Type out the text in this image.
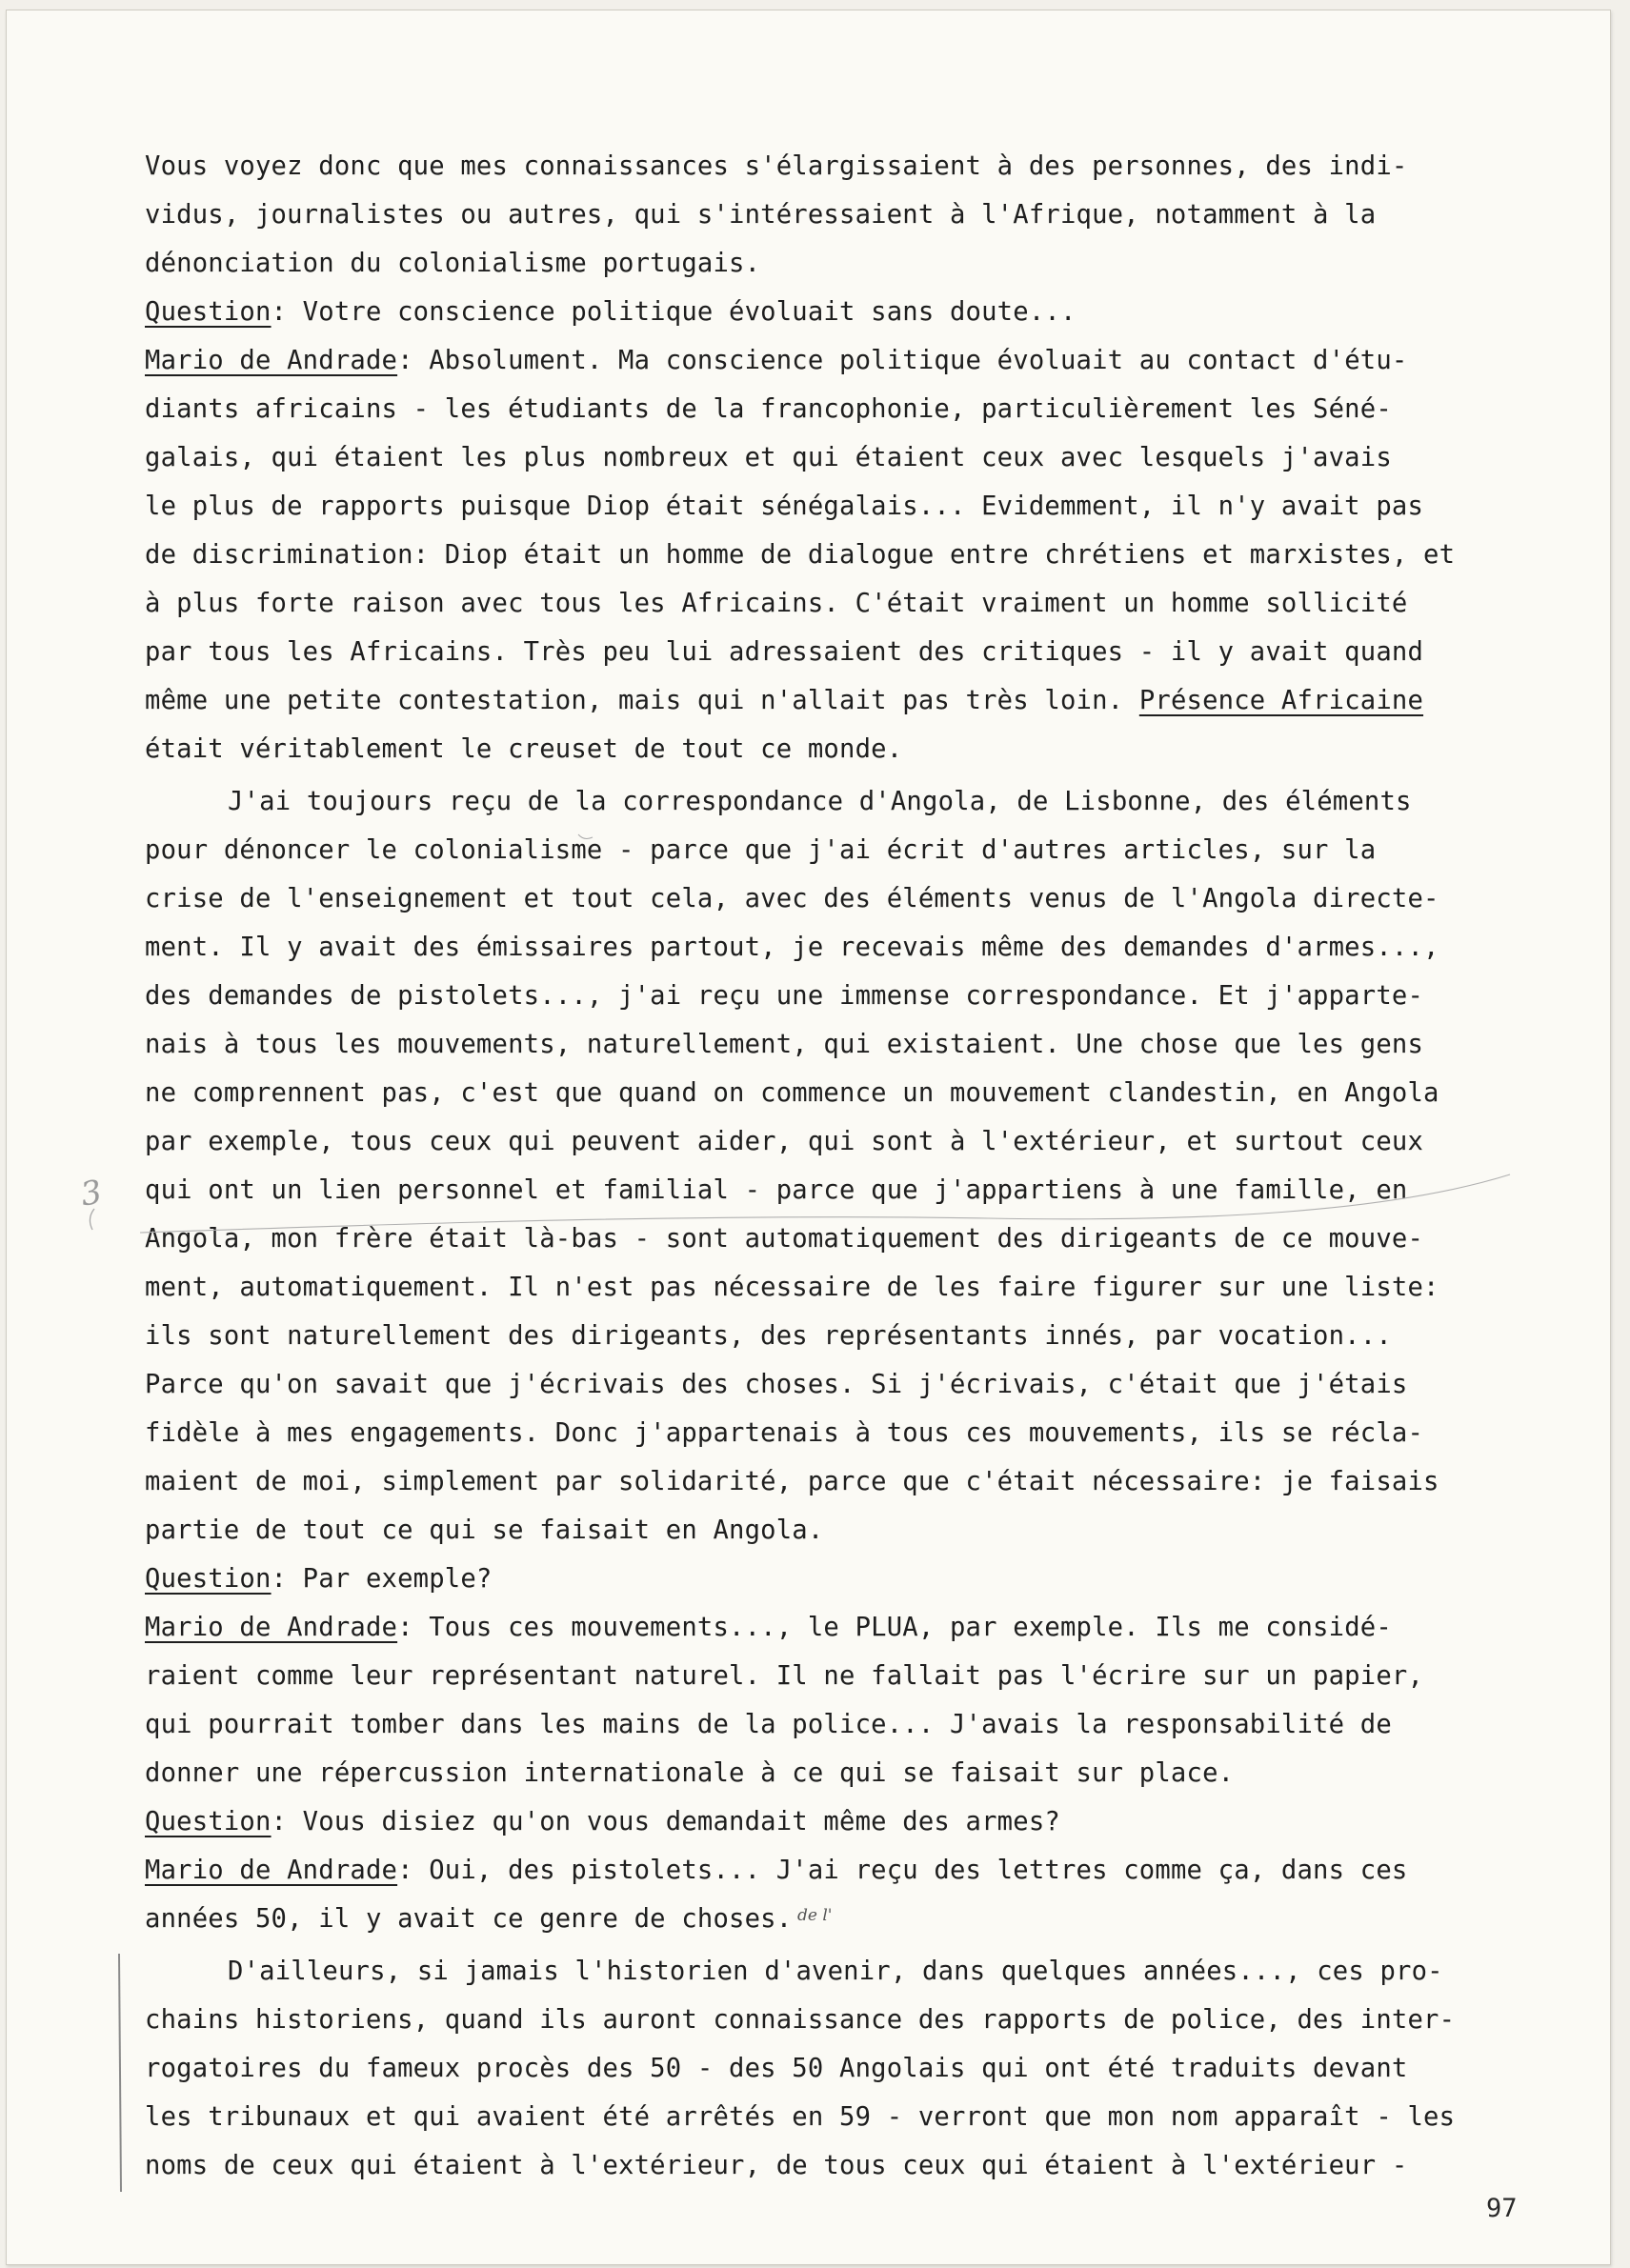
Vous voyez donc que mes connaissances s'élargissaient à des personnes, des indi-

vidus, journalistes ou autres, qui s'intéressaient à l'Afrique, notamment à la

dénonciation du colonialisme portugais.

Question: Votre conscience politique évoluait sans doute...

Mario de Andrade: Absolument. Ma conscience politique évoluait au contact d'étu-

diants africains - les étudiants de la francophonie, particulièrement les Séné-

galais, qui étaient les plus nombreux et qui étaient ceux avec lesquels j'avais

le plus de rapports puisque Diop était sénégalais... Evidemment, il n'y avait pas

de discrimination: Diop était un homme de dialogue entre chrétiens et marxistes, et

à plus forte raison avec tous les Africains. C'était vraiment un homme sollicité

par tous les Africains. Très peu lui adressaient des critiques - il y avait quand

même une petite contestation, mais qui n'allait pas très loin. Présence Africaine

était véritablement le creuset de tout ce monde.

J'ai toujours reçu de la correspondance d'Angola, de Lisbonne, des éléments

pour dénoncer le colonialisme - parce que j'ai écrit d'autres articles, sur la

crise de l'enseignement et tout cela, avec des éléments venus de l'Angola directe-

ment. Il y avait des émissaires partout, je recevais même des demandes d'armes...,

des demandes de pistolets..., j'ai reçu une immense correspondance. Et j'apparte-

nais à tous les mouvements, naturellement, qui existaient. Une chose que les gens

ne comprennent pas, c'est que quand on commence un mouvement clandestin, en Angola

par exemple, tous ceux qui peuvent aider, qui sont à l'extérieur, et surtout ceux

qui ont un lien personnel et familial - parce que j'appartiens à une famille, en

Angola, mon frère était là-bas - sont automatiquement des dirigeants de ce mouve-

ment, automatiquement. Il n'est pas nécessaire de les faire figurer sur une liste:

ils sont naturellement des dirigeants, des représentants innés, par vocation...

Parce qu'on savait que j'écrivais des choses. Si j'écrivais, c'était que j'étais

fidèle à mes engagements. Donc j'appartenais à tous ces mouvements, ils se récla-

maient de moi, simplement par solidarité, parce que c'était nécessaire: je faisais

partie de tout ce qui se faisait en Angola.

Question: Par exemple?

Mario de Andrade: Tous ces mouvements..., le PLUA, par exemple. Ils me considé-

raient comme leur représentant naturel. Il ne fallait pas l'écrire sur un papier,

qui pourrait tomber dans les mains de la police... J'avais la responsabilité de

donner une répercussion internationale à ce qui se faisait sur place.

Question: Vous disiez qu'on vous demandait même des armes?

Mario de Andrade: Oui, des pistolets... J'ai reçu des lettres comme ça, dans ces

années 50, il y avait ce genre de choses.

D'ailleurs, si jamais l'historien d'avenir, dans quelques années..., ces pro-

chains historiens, quand ils auront connaissance des rapports de police, des inter-

rogatoires du fameux procès des 50 - des 50 Angolais qui ont été traduits devant

les tribunaux et qui avaient été arrêtés en 59 - verront que mon nom apparaît - les

noms de ceux qui étaient à l'extérieur, de tous ceux qui étaient à l'extérieur -

de l'
3
97
